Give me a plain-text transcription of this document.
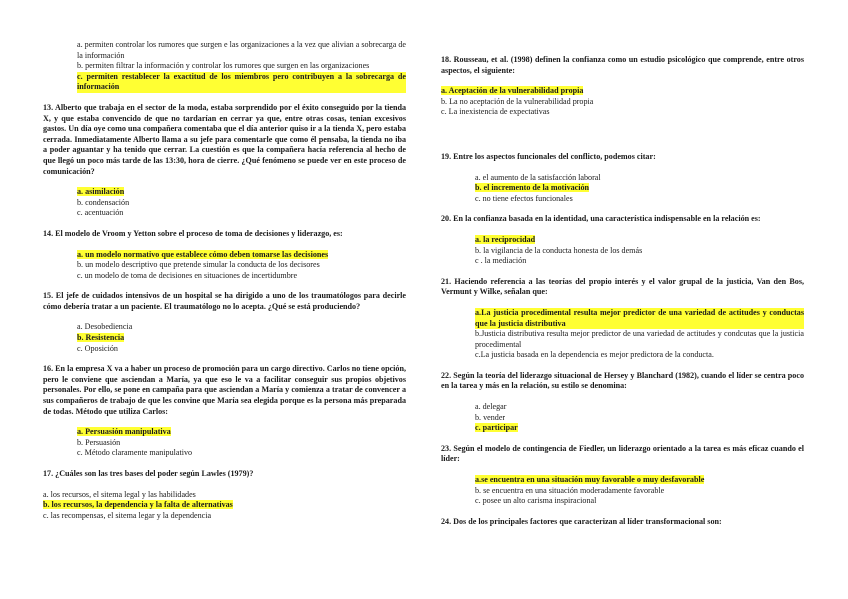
a. permiten controlar los rumores que surgen e las organizaciones a la vez que alivian a sobrecarga de la información

b. permiten filtrar la información y controlar los rumores que surgen en las organizaciones

c. permiten restablecer la exactitud de los miembros pero contribuyen a la sobrecarga de información

13. Alberto que trabaja en el sector de la moda, estaba sorprendido por el éxito conseguido por la tienda X, y que estaba convencido de que no tardarían en cerrar ya que, entre otras cosas, tenían excesivos gastos. Un día oye como una compañera comentaba que el día anterior quiso ir a la tienda X, pero estaba cerrada. Inmediatamente Alberto llama a su jefe para comentarle que como él pensaba, la tienda no iba a poder aguantar y ha tenido que cerrar. La cuestión es que la compañera hacía referencia al hecho de que llegó un poco más tarde de las 13:30, hora de cierre. ¿Qué fenómeno se puede ver en este proceso de comunicación?

a. asimilación

b. condensación

c. acentuación

14. El modelo de Vroom y Yetton sobre el proceso de toma de decisiones y liderazgo, es:

a. un modelo normativo que establece cómo deben tomarse las decisiones

b. un modelo descriptivo que pretende simular la conducta de los decisores

c. un modelo de toma de decisiones en situaciones de incertidumbre

15. El jefe de cuidados intensivos de un hospital se ha dirigido a uno de los traumatólogos para decirle cómo debería tratar a un paciente. El traumatólogo no lo acepta. ¿Qué se está produciendo?

a. Desobediencia

b. Resistencia

c. Oposición

16. En la empresa X va a haber un proceso de promoción para un cargo directivo. Carlos no tiene opción, pero le conviene que asciendan a María, ya que eso le va a facilitar conseguir sus propios objetivos personales. Por ello, se pone en campaña para que asciendan a María y comienza a tratar de convencer a sus compañeros de trabajo de que les convine que María sea elegida porque es la persona más preparada de todas. Método que utiliza Carlos:

a. Persuasión manipulativa

b. Persuasión

c. Método claramente manipulativo

17. ¿Cuáles son las tres bases del poder según Lawles (1979)?

a. los recursos, el sitema legal y las habilidades

b. los recursos, la dependencia y la falta de alternativas

c. las recompensas, el sitema legar y la dependencia

18. Rousseau, et al. (1998) definen la confianza como un estudio psicológico que comprende, entre otros aspectos, el siguiente:

a. Aceptación de la vulnerabilidad propia

b. La no aceptación de la vulnerabilidad propia

c. La inexistencia de expectativas

19. Entre los aspectos funcionales del conflicto, podemos citar:

a. el aumento de la satisfacción laboral

b. el incremento de la motivación

c. no tiene efectos funcionales

20. En la confianza basada en la identidad, una característica indispensable en la relación es:

a. la reciprocidad

b. la vigilancia de la conducta honesta de los demás

c . la mediación

21. Haciendo referencia a las teorías del propio interés y el valor grupal de la justicia, Van den Bos, Vermunt y Wilke, señalan que:

a.La justicia procedimental resulta mejor predictor de una variedad de actitudes y conductas que la justicia distributiva

b.Justicia distributiva resulta mejor predictor de una variedad de actitudes y condcutas que la justicia procedimental

c.La justicia basada en la dependencia es mejor predictora de la conducta.

22. Según la teoría del liderazgo situacional de Hersey y Blanchard (1982), cuando el líder se centra poco en la tarea y más en la relación, su estilo se denomina:

a. delegar

b. vender

c. participar

23. Según el modelo de contingencia de Fiedler, un liderazgo orientado a la tarea es más eficaz cuando el líder:

a.se encuentra en una situación muy favorable o muy desfavorable

b. se encuentra en una situación moderadamente favorable

c. posee un alto carisma inspiracional

24. Dos de los principales factores que caracterizan al líder transformacional son:
